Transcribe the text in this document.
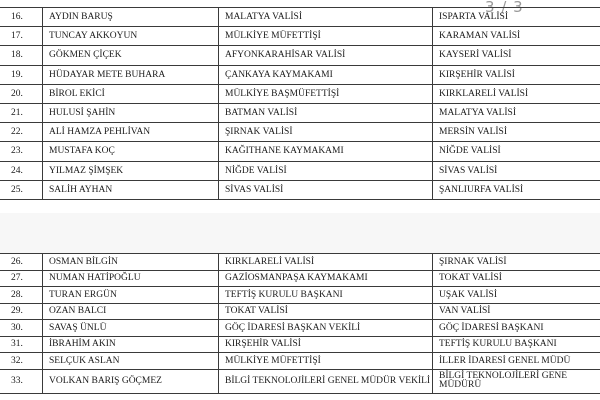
3 / 3
16.	AYDIN BARUŞ	MALATYA VALİSİ	ISPARTA VALİSİ
17.	TUNCAY AKKOYUN	MÜLKİYE MÜFETTİŞİ	KARAMAN VALİSİ
18.	GÖKMEN ÇİÇEK	AFYONKARAHİSAR VALİSİ	KAYSERİ VALİSİ
19.	HÜDAYAR METE BUHARA	ÇANKAYA KAYMAKAMI	KIRŞEHİR VALİSİ
20.	BİROL EKİCİ	MÜLKİYE BAŞMÜFETTİŞİ	KIRKLARELİ VALİSİ
21.	HULUSİ ŞAHİN	BATMAN VALİSİ	MALATYA VALİSİ
22.	ALİ HAMZA PEHLİVAN	ŞIRNAK VALİSİ	MERSİN VALİSİ
23.	MUSTAFA KOÇ	KAĞITHANE KAYMAKAMI	NİĞDE VALİSİ
24.	YILMAZ ŞİMŞEK	NİĞDE VALİSİ	SİVAS VALİSİ
25.	SALİH AYHAN	SİVAS VALİSİ	ŞANLIURFA VALİSİ
26.	OSMAN BİLGİN	KIRKLARELİ VALİSİ	ŞIRNAK VALİSİ
27.	NUMAN HATİPOĞLU	GAZİOSMANPAŞA KAYMAKAMI	TOKAT VALİSİ
28.	TURAN ERGÜN	TEFTİŞ KURULU BAŞKANI	UŞAK VALİSİ
29.	OZAN BALCI	TOKAT VALİSİ	VAN VALİSİ
30.	SAVAŞ ÜNLÜ	GÖÇ İDARESİ BAŞKAN VEKİLİ	GÖÇ İDARESİ BAŞKANI
31.	İBRAHİM AKIN	KIRŞEHİR VALİSİ	TEFTİŞ KURULU BAŞKANI
32.	SELÇUK ASLAN	MÜLKİYE MÜFETTİŞİ	İLLER İDARESİ GENEL MÜDÜ
33.	VOLKAN BARIŞ GÖÇMEZ	BİLGİ TEKNOLOJİLERİ GENEL MÜDÜR VEKİLİ	BİLGİ TEKNOLOJİLERİ GENE MÜDÜRÜ
